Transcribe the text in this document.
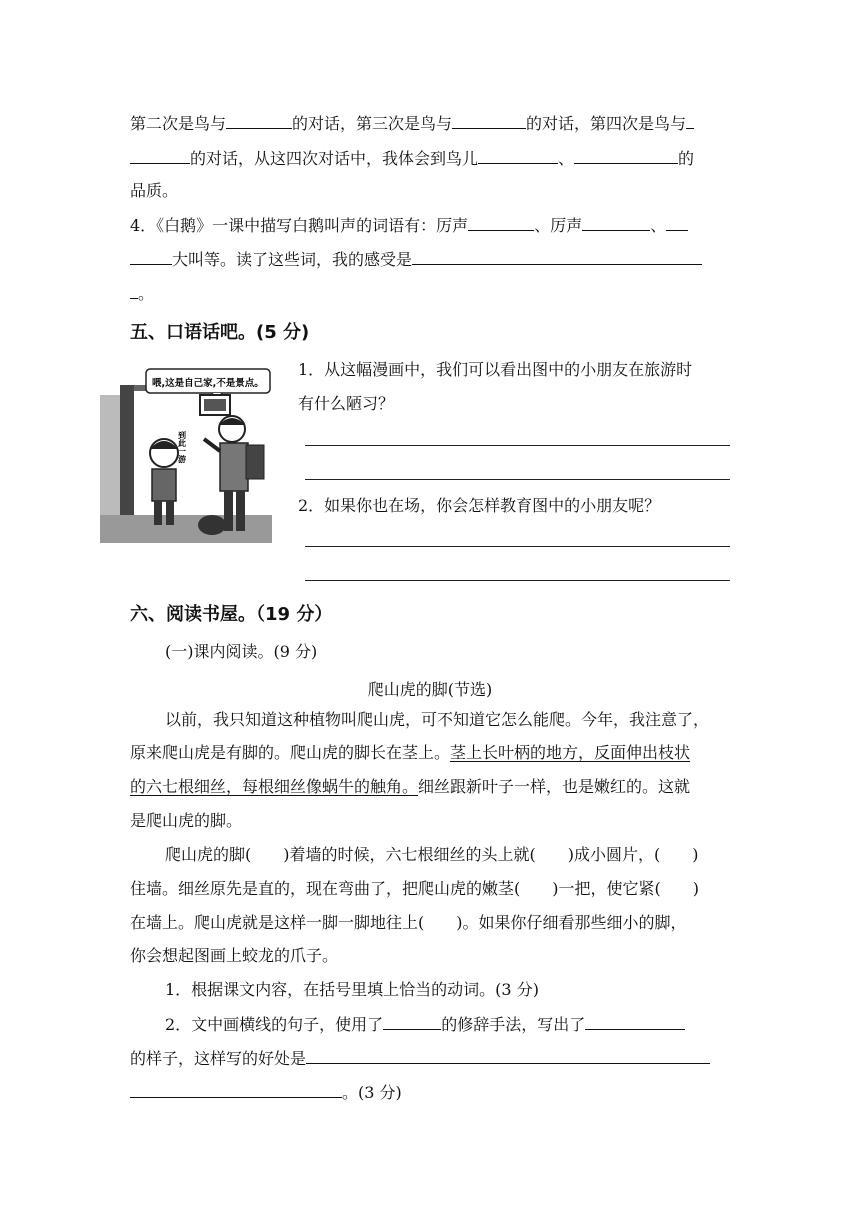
第二次是鸟与	的对话，第三次是鸟与	的对话，第四次是鸟与
的对话，从这四次对话中，我体会到鸟儿	、	的
品质。
4．《白鹅》一课中描写白鹅叫声的词语有：厉声	、厉声	、
大叫等。读了这些词，我的感受是
。
五、口语话吧。(5 分)
喂,这是自己家,不是景点。
到此一游
1．从这幅漫画中，我们可以看出图中的小朋友在旅游时
有什么陋习？
2．如果你也在场，你会怎样教育图中的小朋友呢？
六、阅读书屋。（19 分）
(一)课内阅读。(9 分)
爬山虎的脚(节选)
以前，我只知道这种植物叫爬山虎，可不知道它怎么能爬。今年，我注意了，
原来爬山虎是有脚的。爬山虎的脚长在茎上。茎上长叶柄的地方，反面伸出枝状
的六七根细丝，每根细丝像蜗牛的触角。细丝跟新叶子一样，也是嫩红的。这就
是爬山虎的脚。
爬山虎的脚(　　)着墙的时候，六七根细丝的头上就(　　)成小圆片，(　　)
住墙。细丝原先是直的，现在弯曲了，把爬山虎的嫩茎(　　)一把，使它紧(　　)
在墙上。爬山虎就是这样一脚一脚地往上(　　)。如果你仔细看那些细小的脚，
你会想起图画上蛟龙的爪子。
1．根据课文内容，在括号里填上恰当的动词。(3 分)
2．文中画横线的句子，使用了	的修辞手法，写出了
的样子，这样写的好处是
。(3 分)
